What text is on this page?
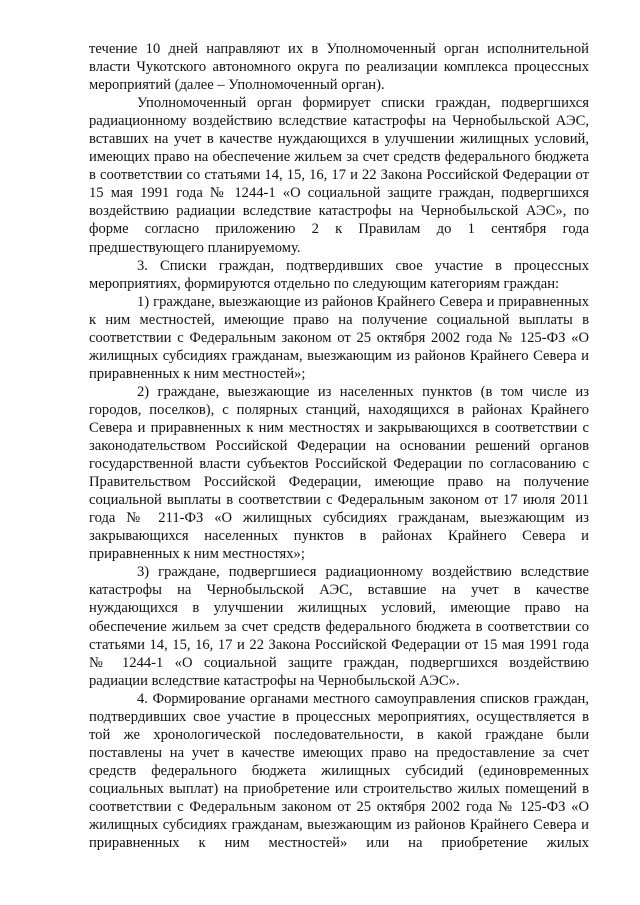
течение 10 дней направляют их в Уполномоченный орган исполнительной власти Чукотского автономного округа по реализации комплекса процессных мероприятий (далее – Уполномоченный орган).

Уполномоченный орган формирует списки граждан, подвергшихся радиационному воздействию вследствие катастрофы на Чернобыльской АЭС, вставших на учет в качестве нуждающихся в улучшении жилищных условий, имеющих право на обеспечение жильем за счет средств федерального бюджета в соответствии со статьями 14, 15, 16, 17 и 22 Закона Российской Федерации от 15 мая 1991 года № 1244-1 «О социальной защите граждан, подвергшихся воздействию радиации вследствие катастрофы на Чернобыльской АЭС», по форме согласно приложению 2 к Правилам до 1 сентября года предшествующего планируемому.

3. Списки граждан, подтвердивших свое участие в процессных мероприятиях, формируются отдельно по следующим категориям граждан:

1) граждане, выезжающие из районов Крайнего Севера и приравненных к ним местностей, имеющие право на получение социальной выплаты в соответствии с Федеральным законом от 25 октября 2002 года № 125-ФЗ «О жилищных субсидиях гражданам, выезжающим из районов Крайнего Севера и приравненных к ним местностей»;

2) граждане, выезжающие из населенных пунктов (в том числе из городов, поселков), с полярных станций, находящихся в районах Крайнего Севера и приравненных к ним местностях и закрывающихся в соответствии с законодательством Российской Федерации на основании решений органов государственной власти субъектов Российской Федерации по согласованию с Правительством Российской Федерации, имеющие право на получение социальной выплаты в соответствии с Федеральным законом от 17 июля 2011 года № 211-ФЗ «О жилищных субсидиях гражданам, выезжающим из закрывающихся населенных пунктов в районах Крайнего Севера и приравненных к ним местностях»;

3) граждане, подвергшиеся радиационному воздействию вследствие катастрофы на Чернобыльской АЭС, вставшие на учет в качестве нуждающихся в улучшении жилищных условий, имеющие право на обеспечение жильем за счет средств федерального бюджета в соответствии со статьями 14, 15, 16, 17 и 22 Закона Российской Федерации от 15 мая 1991 года № 1244-1 «О социальной защите граждан, подвергшихся воздействию радиации вследствие катастрофы на Чернобыльской АЭС».

4. Формирование органами местного самоуправления списков граждан, подтвердивших свое участие в процессных мероприятиях, осуществляется в той же хронологической последовательности, в какой граждане были поставлены на учет в качестве имеющих право на предоставление за счет средств федерального бюджета жилищных субсидий (единовременных социальных выплат) на приобретение или строительство жилых помещений в соответствии с Федеральным законом от 25 октября 2002 года № 125-ФЗ «О жилищных субсидиях гражданам, выезжающим из районов Крайнего Севера и приравненных к ним местностей» или на приобретение жилых
